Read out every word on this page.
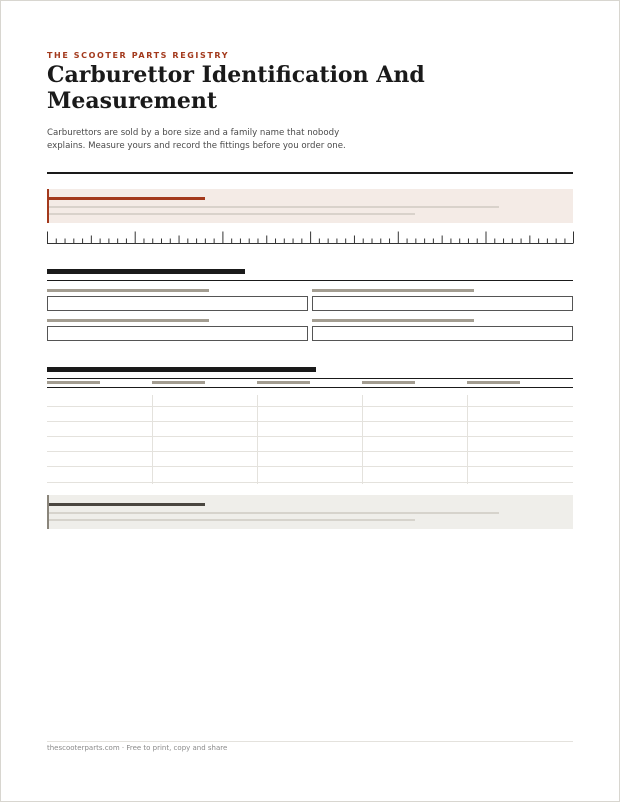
THE SCOOTER PARTS REGISTRY
Carburettor Identification And Measurement

Carburettors are sold by a bore size and a family name that nobody explains. Measure yours and record the fittings before you order one.

thescooterparts.com · Free to print, copy and share
